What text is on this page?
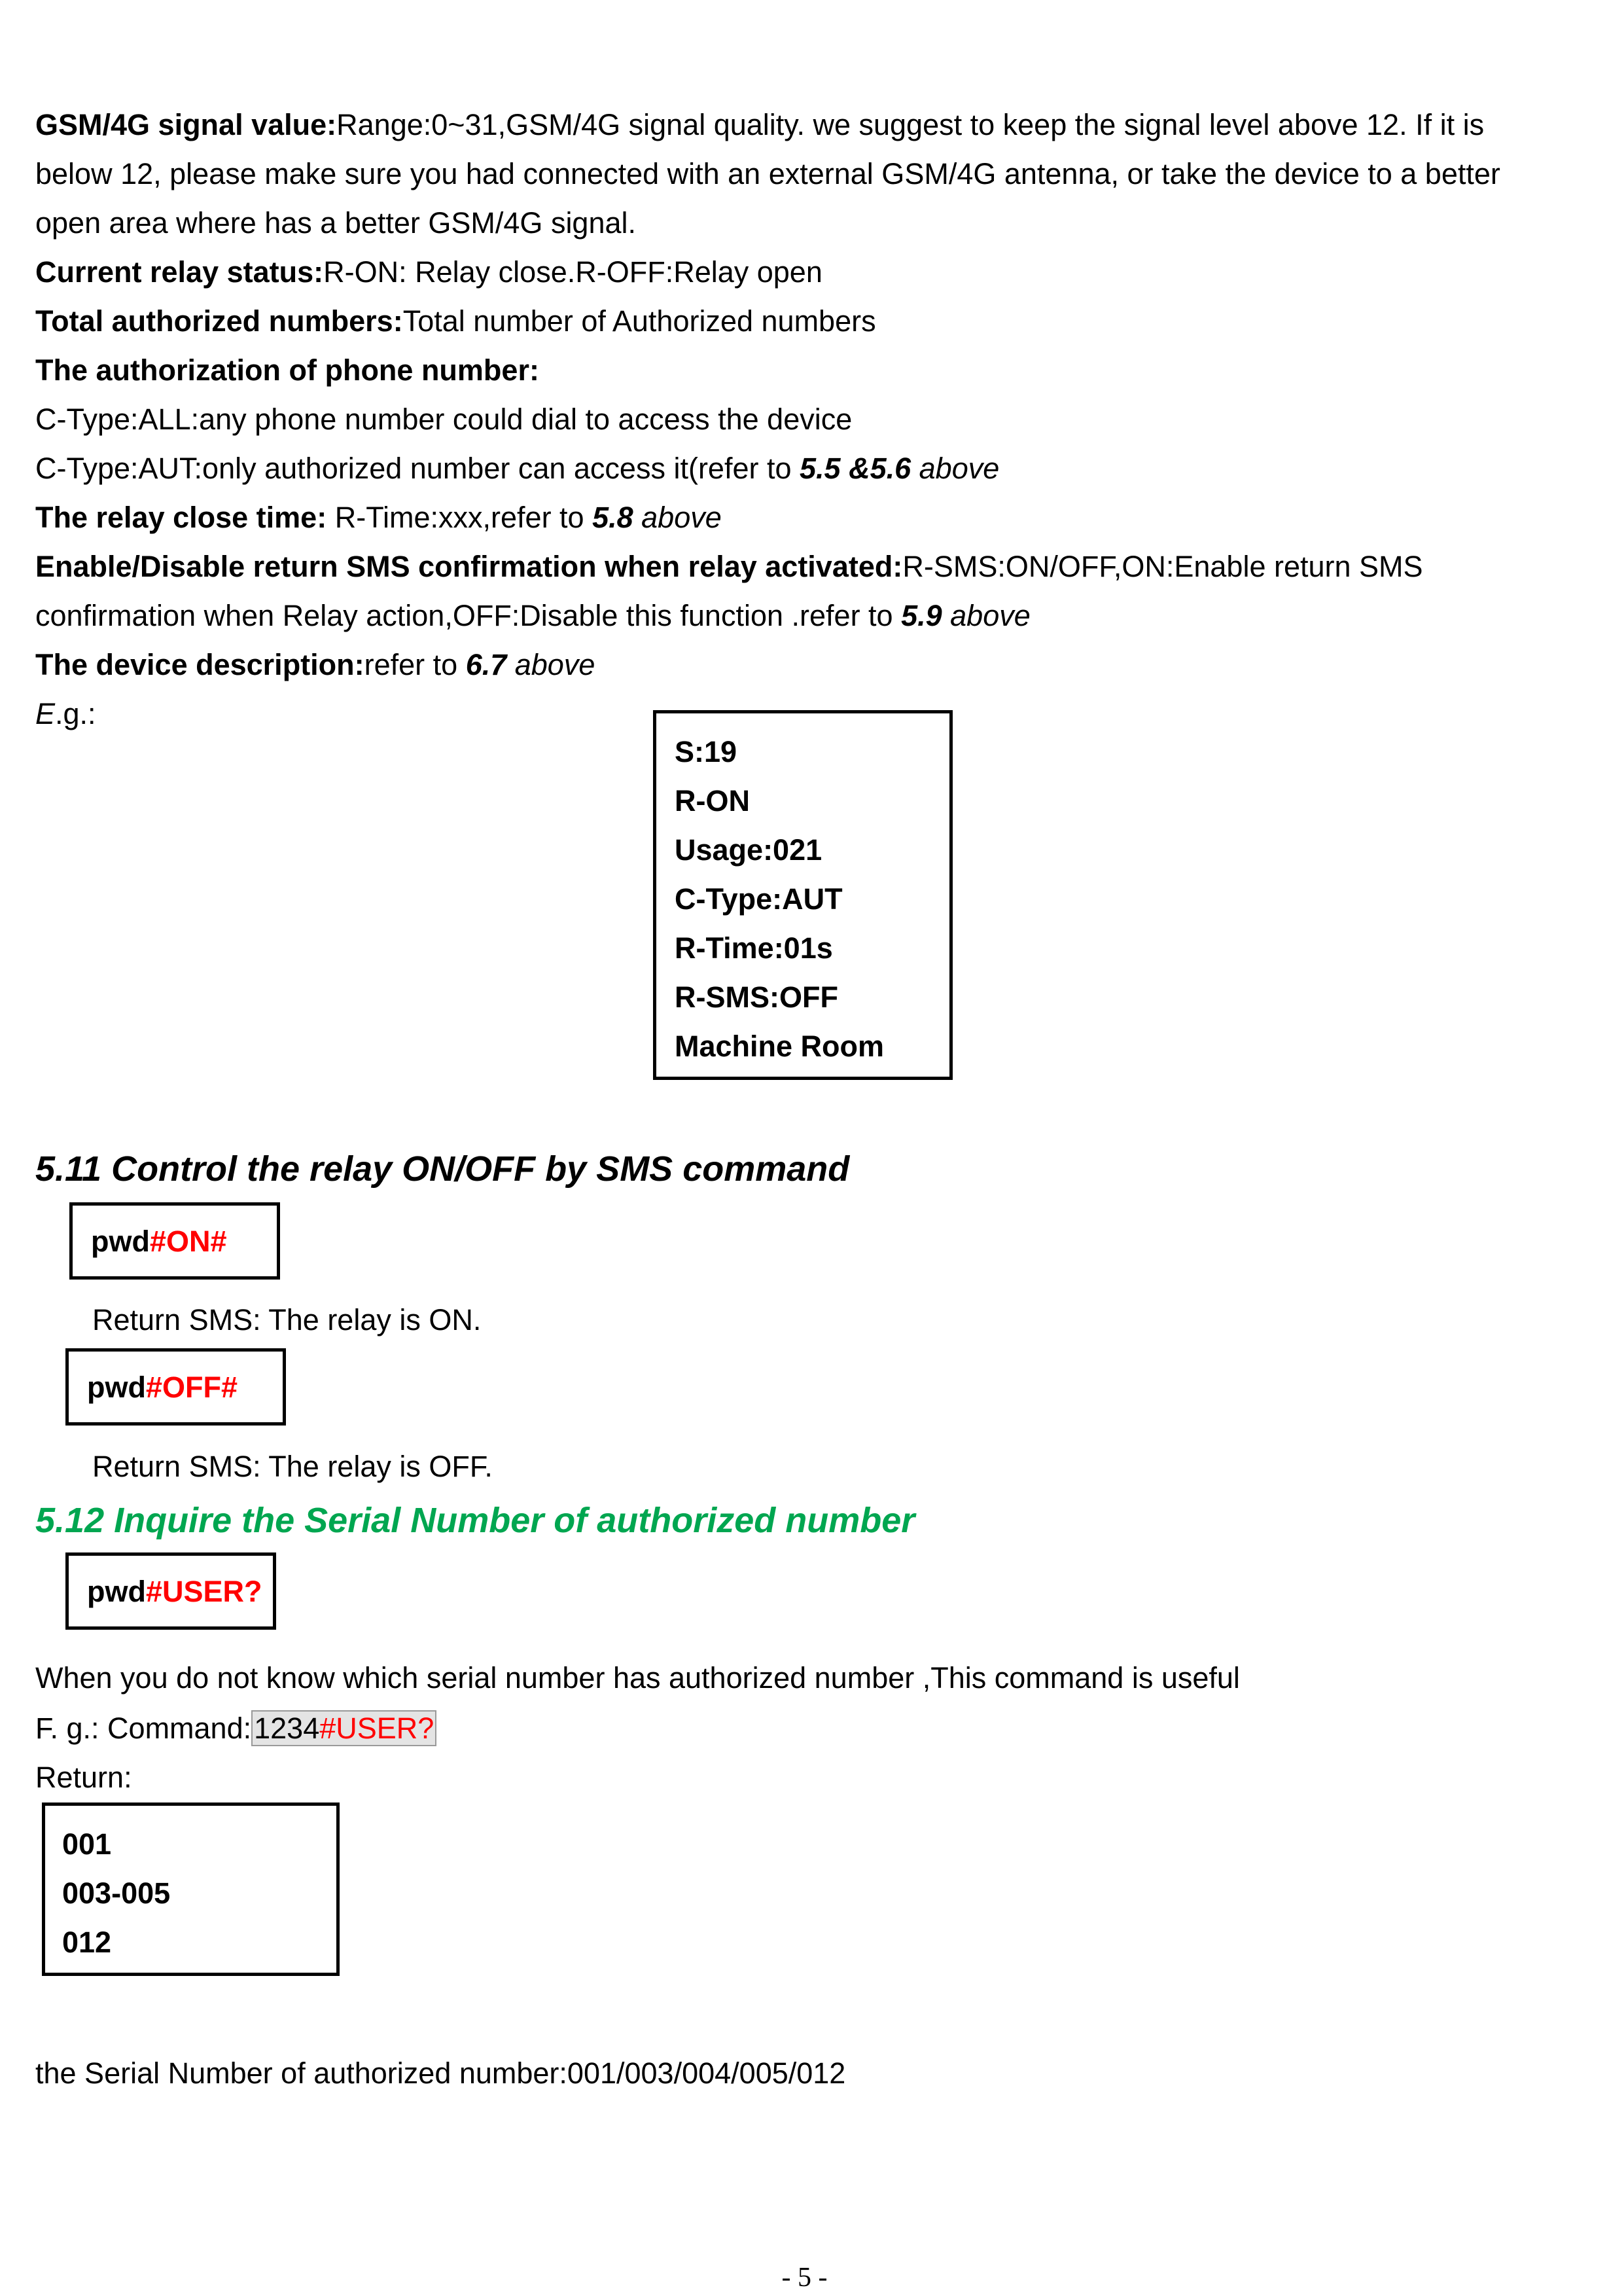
GSM/4G signal value:Range:0~31,GSM/4G signal quality. we suggest to keep the signal level above 12. If it is
below 12, please make sure you had connected with an external GSM/4G antenna, or take the device to a better
open area where has a better GSM/4G signal.
Current relay status:R-ON: Relay close.R-OFF:Relay open
Total authorized numbers:Total number of Authorized numbers
The authorization of phone number:
C-Type:ALL:any phone number could dial to access the device
C-Type:AUT:only authorized number can access it(refer to 5.5 &5.6 above
The relay close time: R-Time:xxx,refer to 5.8 above
Enable/Disable return SMS confirmation when relay activated:R-SMS:ON/OFF,ON:Enable return SMS
confirmation when Relay action,OFF:Disable this function .refer to 5.9 above
The device description:refer to 6.7 above
E.g.:
S:19
R-ON
Usage:021
C-Type:AUT
R-Time:01s
R-SMS:OFF
Machine Room
5.11 Control the relay ON/OFF by SMS command
pwd#ON#
Return SMS: The relay is ON.
pwd#OFF#
Return SMS: The relay is OFF.
5.12 Inquire the Serial Number of authorized number
pwd#USER?
When you do not know which serial number has authorized number ,This command is useful
F. g.: Command:1234#USER?
Return:
001
003-005
012
the Serial Number of authorized number:001/003/004/005/012
- 5 -
